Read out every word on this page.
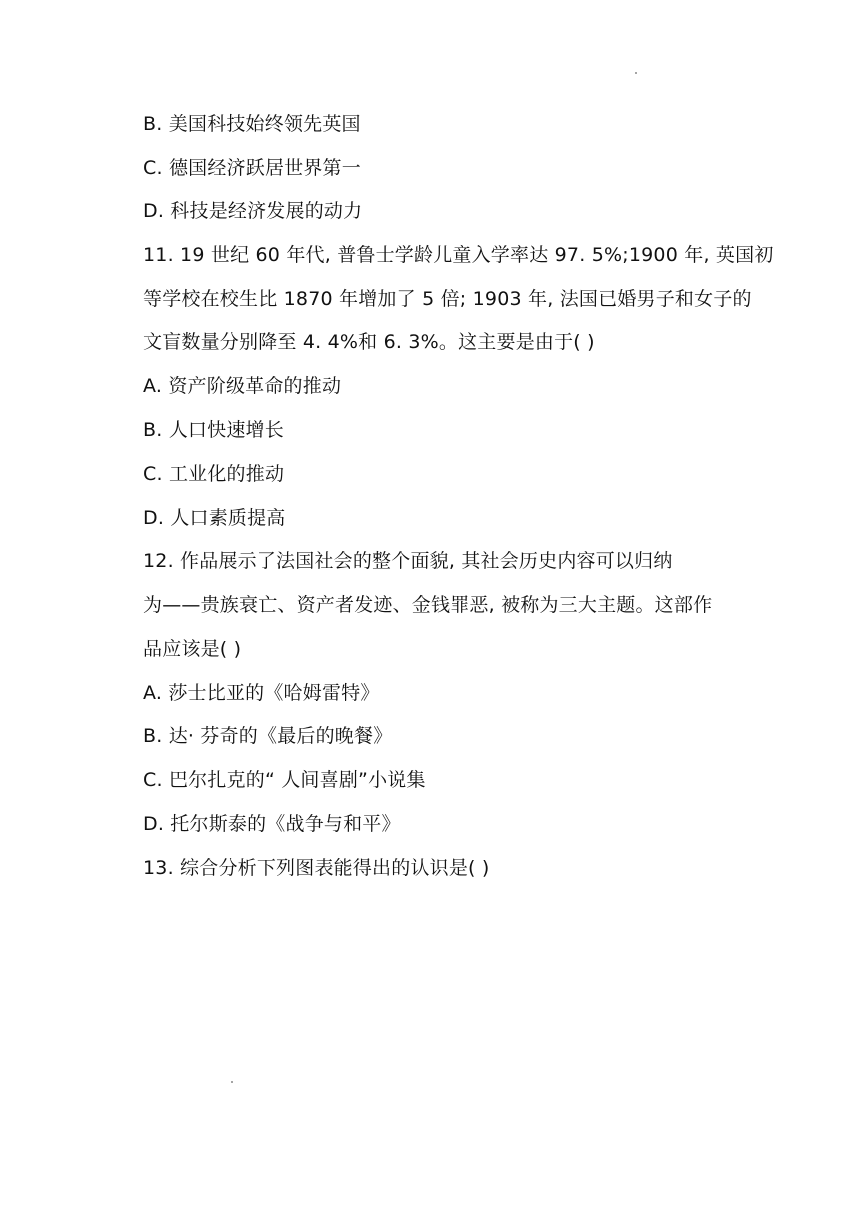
B. 美国科技始终领先英国
C. 德国经济跃居世界第一
D. 科技是经济发展的动力
11. 19 世纪 60 年代, 普鲁士学龄儿童入学率达 97. 5%;1900 年, 英国初
等学校在校生比 1870 年增加了 5 倍; 1903 年, 法国已婚男子和女子的
文盲数量分别降至 4. 4%和 6. 3%。这主要是由于( )
A. 资产阶级革命的推动
B. 人口快速增长
C. 工业化的推动
D. 人口素质提高
12. 作品展示了法国社会的整个面貌, 其社会历史内容可以归纳
为——贵族衰亡、资产者发迹、金钱罪恶, 被称为三大主题。这部作
品应该是( )
A. 莎士比亚的《哈姆雷特》
B. 达· 芬奇的《最后的晚餐》
C. 巴尔扎克的“ 人间喜剧”小说集
D. 托尔斯泰的《战争与和平》
13. 综合分析下列图表能得出的认识是( )
